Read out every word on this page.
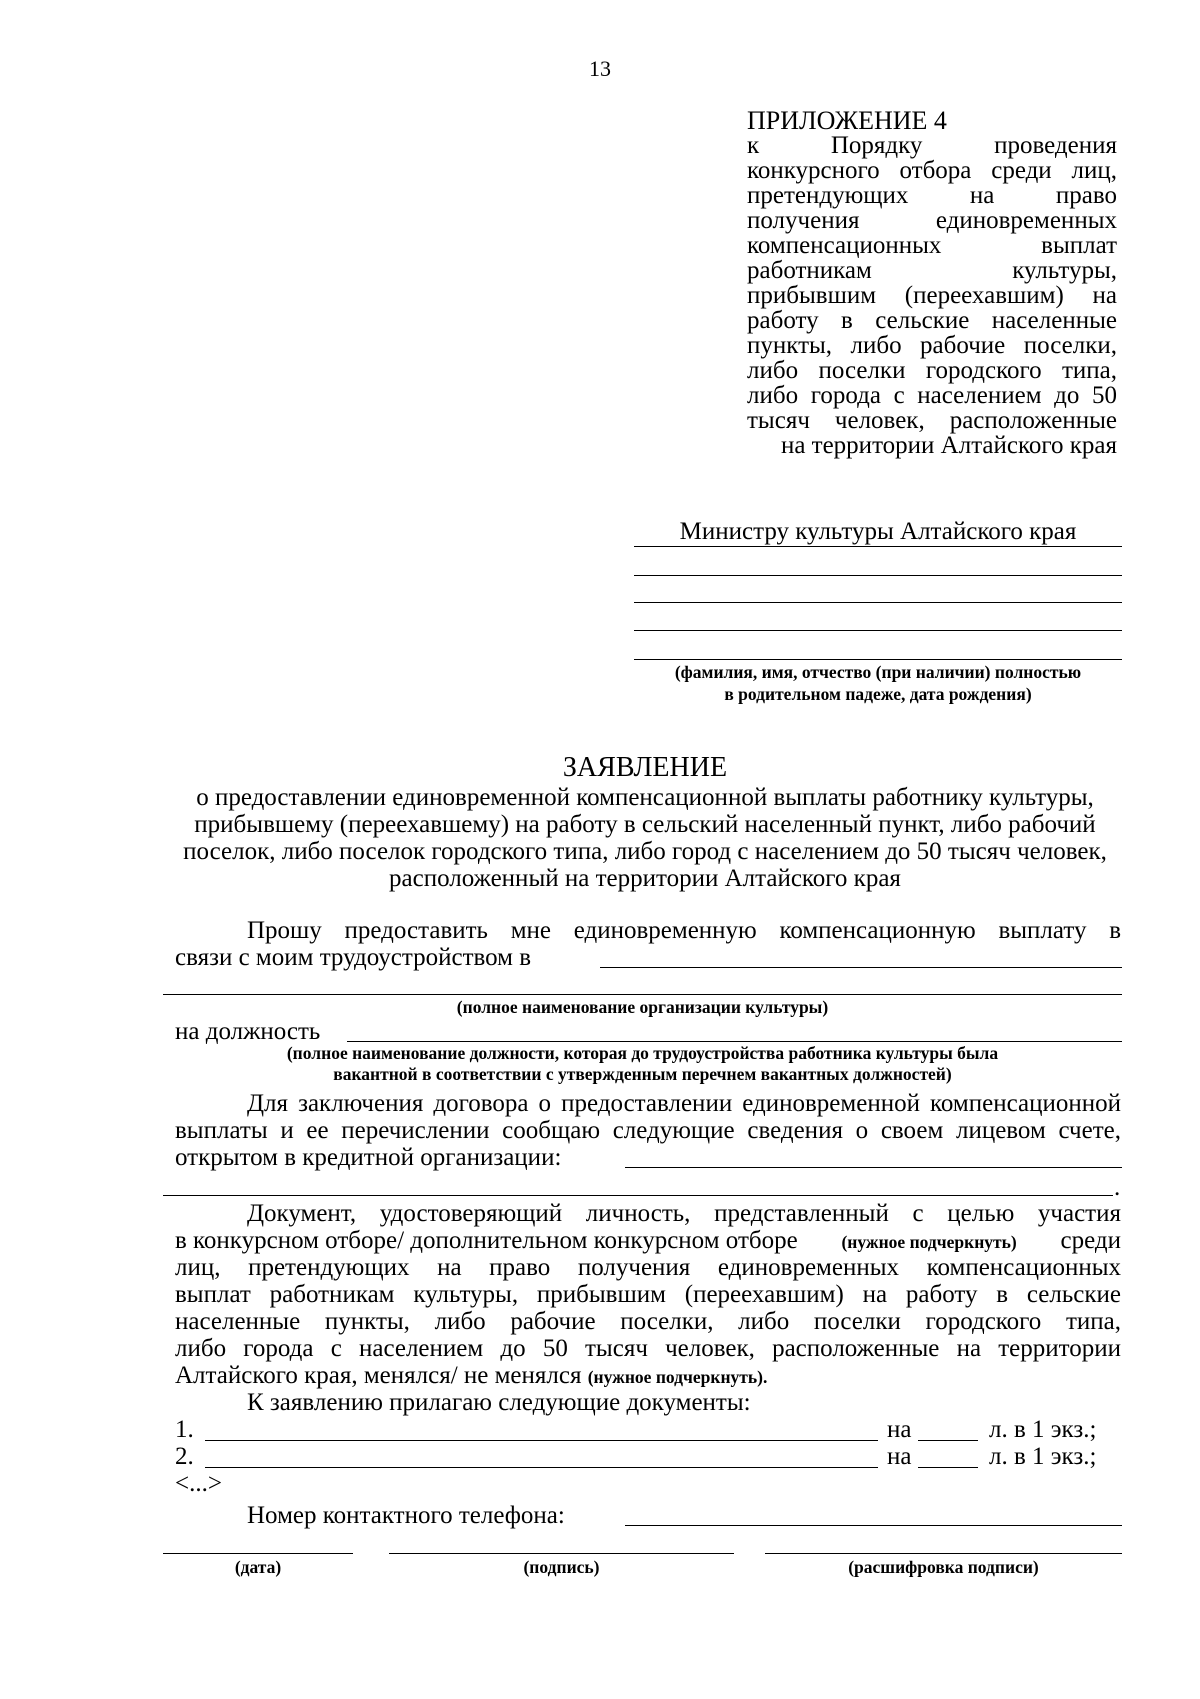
13
ПРИЛОЖЕНИЕ 4
к Порядку проведения
конкурсного отбора среди лиц,
претендующих на право
получения единовременных
компенсационных выплат
работникам культуры,
прибывшим (переехавшим) на
работу в сельские населенные
пункты, либо рабочие поселки,
либо поселки городского типа,
либо города с населением до 50
тысяч человек, расположенные
на территории Алтайского края
Министру культуры Алтайского края
(фамилия, имя, отчество (при наличии) полностью
в родительном падеже, дата рождения)
ЗАЯВЛЕНИЕ
о предоставлении единовременной компенсационной выплаты работнику культуры, прибывшему (переехавшему) на работу в сельский населенный пункт, либо рабочий поселок, либо поселок городского типа, либо город с населением до 50 тысяч человек, расположенный на территории Алтайского края
Прошу предоставить мне единовременную компенсационную выплату в
связи с моим трудоустройством в
(полное наименование организации культуры)
на должность
(полное наименование должности, которая до трудоустройства работника культуры была
вакантной в соответствии с утвержденным перечнем вакантных должностей)
Для заключения договора о предоставлении единовременной компенсационной
выплаты и ее перечислении сообщаю следующие сведения о своем лицевом счете,
открытом в кредитной организации:
.
Документ, удостоверяющий личность, представленный с целью участия
в конкурсном отборе/ дополнительном конкурсном отборе	(нужное подчеркнуть) среди
лиц, претендующих на право получения единовременных компенсационных
выплат работникам культуры, прибывшим (переехавшим) на работу в сельские
населенные пункты, либо рабочие поселки, либо поселки городского типа,
либо города с населением до 50 тысяч человек, расположенные на территории
Алтайского края, менялся/ не менялся (нужное подчеркнуть).
К заявлению прилагаю следующие документы:
1.	на	л. в 1 экз.;
2.	на	л. в 1 экз.;
<...>
Номер контактного телефона:
(дата)	(подпись)	(расшифровка подписи)
